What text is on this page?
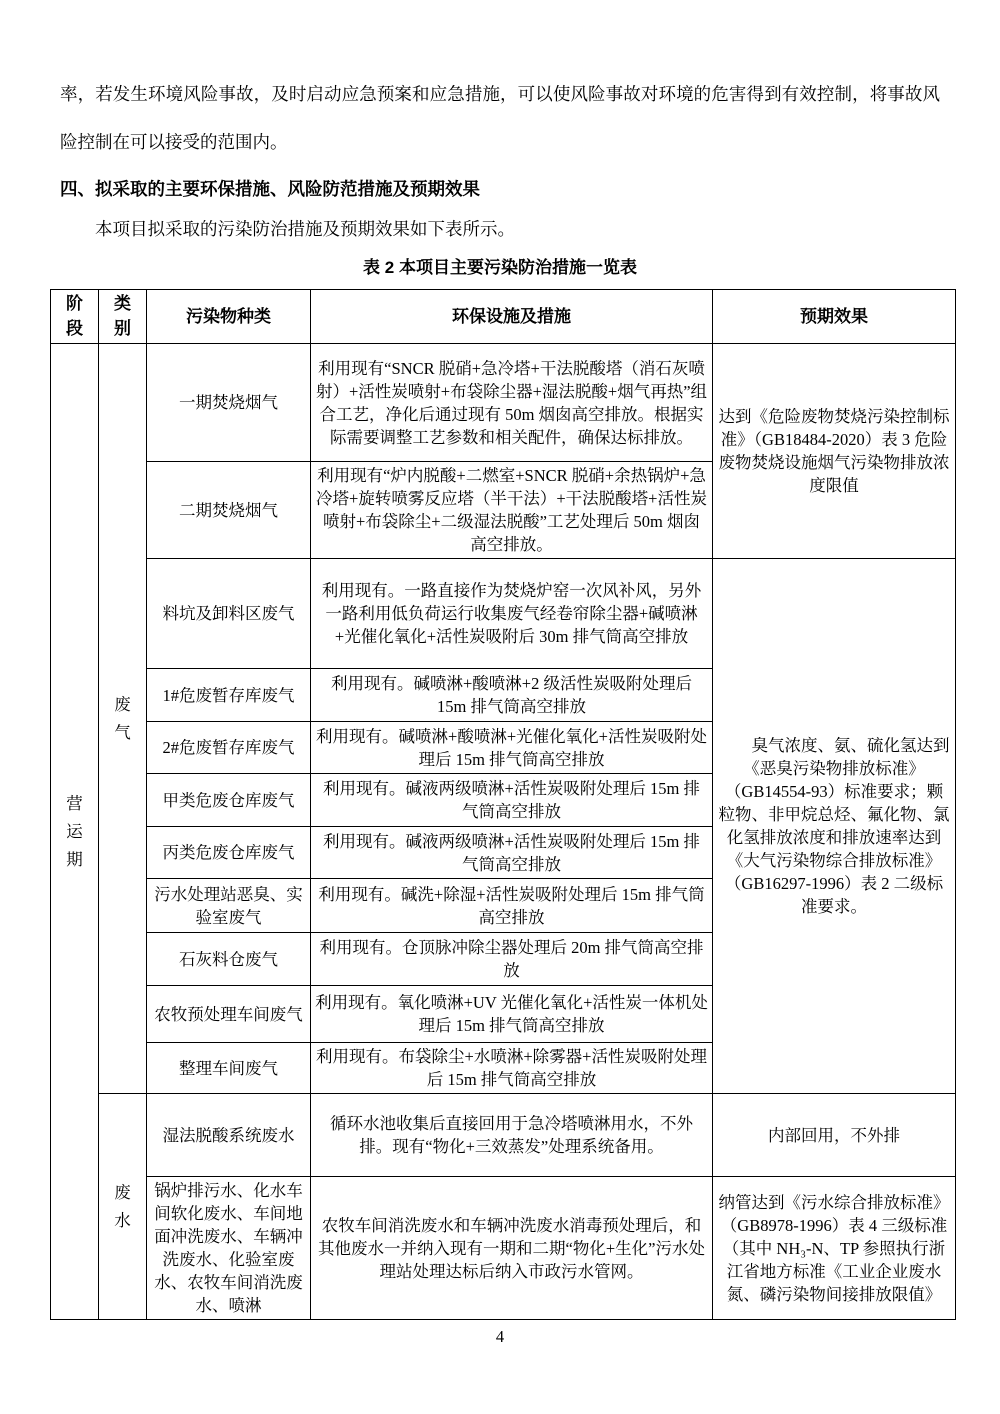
率，若发生环境风险事故，及时启动应急预案和应急措施，可以使风险事故对环境的危害得到有效控制，将事故风险控制在可以接受的范围内。

四、拟采取的主要环保措施、风险防范措施及预期效果

本项目拟采取的污染防治措施及预期效果如下表所示。

表 2 本项目主要污染防治措施一览表
阶段	类别	污染物种类	环保设施及措施	预期效果
营运期	废气	一期焚烧烟气	利用现有“SNCR 脱硝+急冷塔+干法脱酸塔（消石灰喷射）+活性炭喷射+布袋除尘器+湿法脱酸+烟气再热”组合工艺，净化后通过现有 50m 烟囱高空排放。根据实际需要调整工艺参数和相关配件，确保达标排放。	达到《危险废物焚烧污染控制标准》（GB18484-2020）表 3 危险废物焚烧设施烟气污染物排放浓度限值
		二期焚烧烟气	利用现有“炉内脱酸+二燃室+SNCR 脱硝+余热锅炉+急冷塔+旋转喷雾反应塔（半干法）+干法脱酸塔+活性炭喷射+布袋除尘+二级湿法脱酸”工艺处理后 50m 烟囱高空排放。	
		料坑及卸料区废气	利用现有。一路直接作为焚烧炉窑一次风补风，另外一路利用低负荷运行收集废气经卷帘除尘器+碱喷淋+光催化氧化+活性炭吸附后 30m 排气筒高空排放	臭气浓度、氨、硫化氢达到《恶臭污染物排放标准》（GB14554-93）标准要求；颗粒物、非甲烷总烃、氟化物、氯化氢排放浓度和排放速率达到《大气污染物综合排放标准》（GB16297-1996）表 2 二级标准要求。
		1#危废暂存库废气	利用现有。碱喷淋+酸喷淋+2 级活性炭吸附处理后 15m 排气筒高空排放	
		2#危废暂存库废气	利用现有。碱喷淋+酸喷淋+光催化氧化+活性炭吸附处理后 15m 排气筒高空排放	
		甲类危废仓库废气	利用现有。碱液两级喷淋+活性炭吸附处理后 15m 排气筒高空排放	
		丙类危废仓库废气	利用现有。碱液两级喷淋+活性炭吸附处理后 15m 排气筒高空排放	
		污水处理站恶臭、实验室废气	利用现有。碱洗+除湿+活性炭吸附处理后 15m 排气筒高空排放	
		石灰料仓废气	利用现有。仓顶脉冲除尘器处理后 20m 排气筒高空排放	
		农牧预处理车间废气	利用现有。氧化喷淋+UV 光催化氧化+活性炭一体机处理后 15m 排气筒高空排放	
		整理车间废气	利用现有。布袋除尘+水喷淋+除雾器+活性炭吸附处理后 15m 排气筒高空排放	
	废水	湿法脱酸系统废水	循环水池收集后直接回用于急冷塔喷淋用水，不外排。现有“物化+三效蒸发”处理系统备用。	内部回用，不外排
		锅炉排污水、化水车间软化废水、车间地面冲洗废水、车辆冲洗废水、化验室废水、农牧车间消洗废水、喷淋	农牧车间消洗废水和车辆冲洗废水消毒预处理后，和其他废水一并纳入现有一期和二期“物化+生化”污水处理站处理达标后纳入市政污水管网。	纳管达到《污水综合排放标准》（GB8978-1996）表 4 三级标准（其中 NH₃-N、TP 参照执行浙江省地方标准《工业企业废水氮、磷污染物间接排放限值》
4
